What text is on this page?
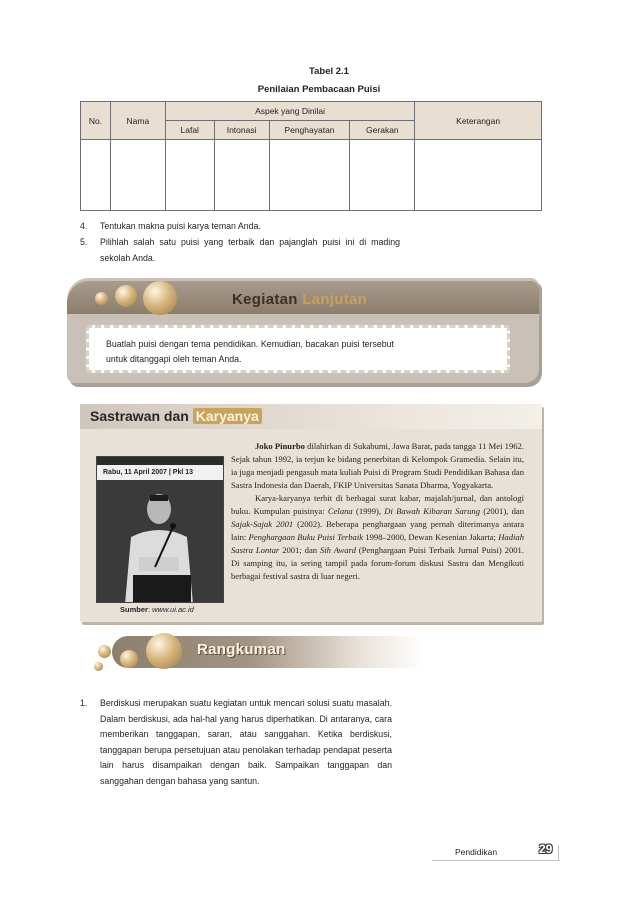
Tabel 2.1
Penilaian Pembacaan Puisi
No.	Nama	Aspek yang Dinilai				Keterangan
		Lafal	Intonasi	Penghayatan	Gerakan	

4.	Tentukan makna puisi karya teman Anda.
5.	Pilihlah salah satu puisi yang terbaik dan pajanglah puisi ini di mading sekolah Anda.
Kegiatan Lanjutan
Buatlah puisi dengan tema pendidikan. Kemudian, bacakan puisi tersebut untuk ditanggapi oleh teman Anda.
Sastrawan dan Karyanya
Rabu, 11 April 2007 | Pkl 13
Sumber: www.ui.ac.id

Joko Pinurbo dilahirkan di Sukabumi, Jawa Barat, pada tangga 11 Mei 1962. Sejak tahun 1992, ia terjun ke bidang penerbitan di Kelompok Gramedia. Selain itu, ia juga menjadi pengasuh mata kuliah Puisi di Program Studi Pendidikan Bahasa dan Sastra Indonesia dan Daerah, FKIP Universitas Sanata Dharma, Yogyakarta.

Karya-karyanya terbit di berbagai surat kabar, majalah/jurnal, dan antologi buku. Kumpulan puisinya: Celana (1999), Di Bawah Kibaran Sarung (2001), dan Sajak-Sajak 2001 (2002). Beberapa penghargaan yang pernah diterimanya antara lain: Penghargaan Buku Puisi Terbaik 1998–2000, Dewan Kesenian Jakarta; Hadiah Sastra Lontar 2001; dan Sih Award (Penghargaan Puisi Terbaik Jurnal Puisi) 2001. Di samping itu, ia sering tampil pada forum-forum diskusi Sastra dan Mengikuti berbagai festival sastra di luar negeri.

Rangkuman
1.	Berdiskusi merupakan suatu kegiatan untuk mencari solusi suatu masalah. Dalam berdiskusi, ada hal-hal yang harus diperhatikan. Di antaranya, cara memberikan tanggapan, saran, atau sanggahan. Ketika berdiskusi, tanggapan berupa persetujuan atau penolakan terhadap pendapat peserta lain harus disampaikan dengan baik. Sampaikan tanggapan dan sanggahan dengan bahasa yang santun.
Pendidikan	29
